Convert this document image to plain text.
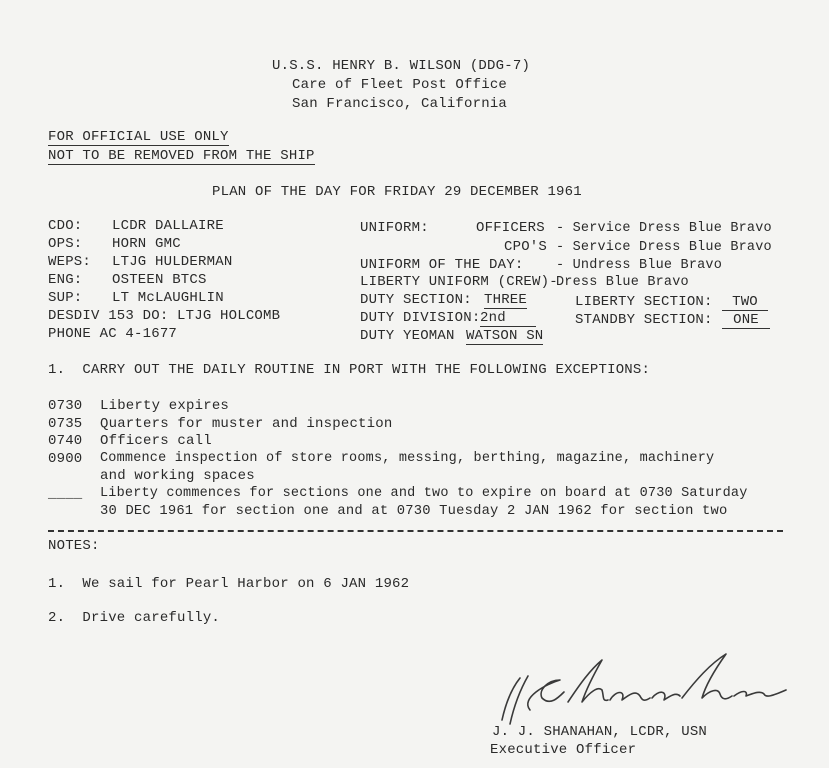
U.S.S. HENRY B. WILSON (DDG-7)
Care of Fleet Post Office
San Francisco, California
FOR OFFICIAL USE ONLY
NOT TO BE REMOVED FROM THE SHIP
PLAN OF THE DAY FOR FRIDAY 29 DECEMBER 1961
CDO: LCDR DALLAIRE
OPS: HORN GMC
WEPS: LTJG HULDERMAN
ENG: OSTEEN BTCS
SUP: LT McLAUGHLIN
DESDIV 153 DO: LTJG HOLCOMB
PHONE AC 4-1677
UNIFORM:	OFFICERS - Service Dress Blue Bravo
CPO'S - Service Dress Blue Bravo
UNIFORM OF THE DAY: - Undress Blue Bravo
LIBERTY UNIFORM (CREW)-
Dress Blue Bravo
DUTY SECTION: THREE
DUTY DIVISION: 2nd
DUTY YEOMAN WATSON SN
LIBERTY SECTION:	TWO
STANDBY SECTION:	ONE
1.  CARRY OUT THE DAILY ROUTINE IN PORT WITH THE FOLLOWING EXCEPTIONS:
0730 Liberty expires
0735 Quarters for muster and inspection
0740 Officers call
0900 Commence inspection of store rooms, messing, berthing, magazine, machinery
and working spaces
____ Liberty commences for sections one and two to expire on board at 0730 Saturday
30 DEC 1961 for section one and at 0730 Tuesday 2 JAN 1962 for section two
NOTES:
1.  We sail for Pearl Harbor on 6 JAN 1962
2.  Drive carefully.
J. J. SHANAHAN, LCDR, USN
Executive Officer
